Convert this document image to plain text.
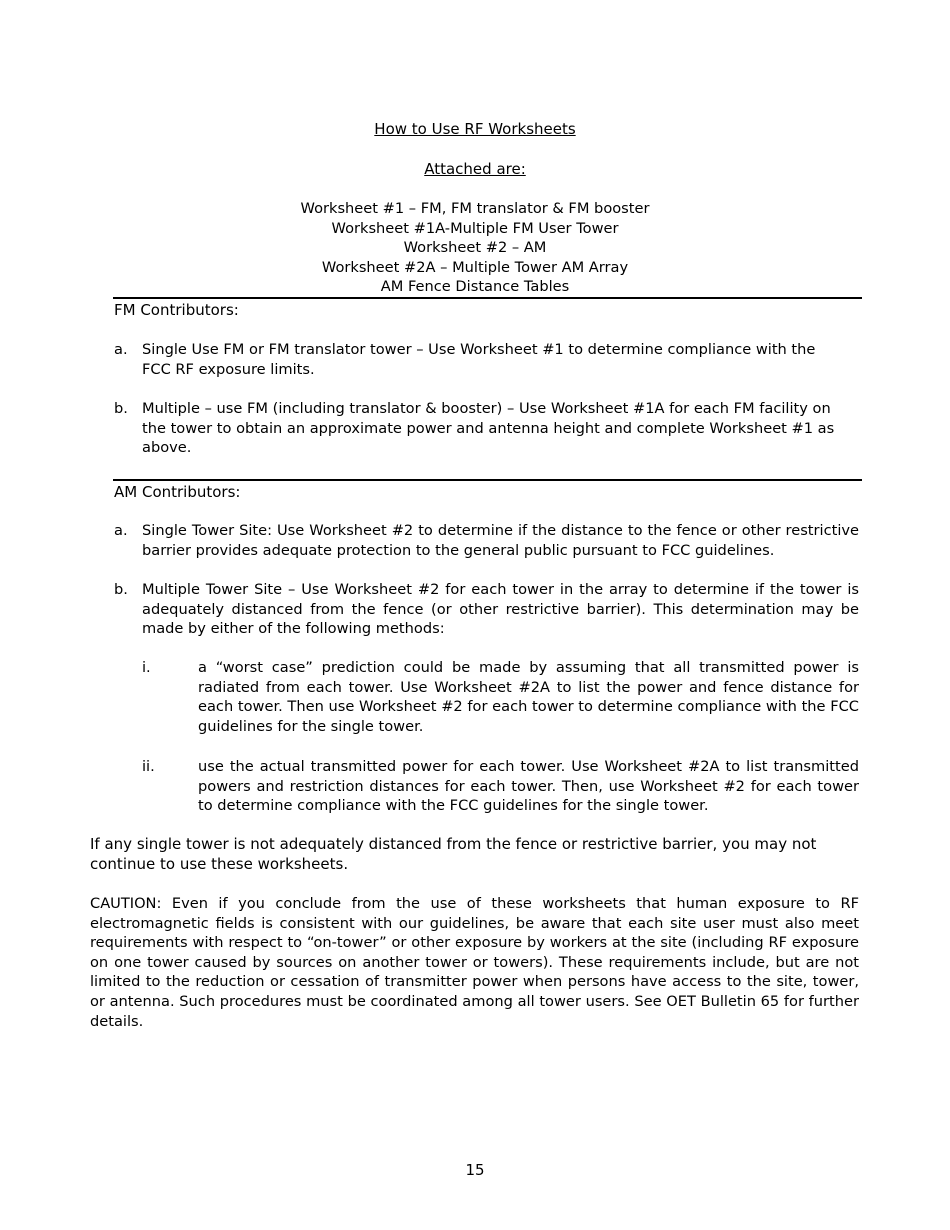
How to Use RF Worksheets
Attached are:
Worksheet #1 – FM, FM translator & FM booster
Worksheet #1A-Multiple FM User Tower
Worksheet #2 – AM
Worksheet #2A – Multiple Tower AM Array
AM Fence Distance Tables
FM Contributors:
a. Single Use FM or FM translator tower – Use Worksheet #1 to determine compliance with the FCC RF exposure limits.
b. Multiple – use FM (including translator & booster) – Use Worksheet #1A for each FM facility on the tower to obtain an approximate power and antenna height and complete Worksheet #1 as above.
AM Contributors:
a. Single Tower Site: Use Worksheet #2 to determine if the distance to the fence or other restrictive barrier provides adequate protection to the general public pursuant to FCC guidelines.
b. Multiple Tower Site – Use Worksheet #2 for each tower in the array to determine if the tower is adequately distanced from the fence (or other restrictive barrier). This determination may be made by either of the following methods:
i.	a “worst case” prediction could be made by assuming that all transmitted power is radiated from each tower. Use Worksheet #2A to list the power and fence distance for each tower. Then use Worksheet #2 for each tower to determine compliance with the FCC guidelines for the single tower.
ii.	use the actual transmitted power for each tower. Use Worksheet #2A to list transmitted powers and restriction distances for each tower. Then, use Worksheet #2 for each tower to determine compliance with the FCC guidelines for the single tower.
If any single tower is not adequately distanced from the fence or restrictive barrier, you may not continue to use these worksheets.
CAUTION: Even if you conclude from the use of these worksheets that human exposure to RF electromagnetic fields is consistent with our guidelines, be aware that each site user must also meet requirements with respect to “on-tower” or other exposure by workers at the site (including RF exposure on one tower caused by sources on another tower or towers). These requirements include, but are not limited to the reduction or cessation of transmitter power when persons have access to the site, tower, or antenna. Such procedures must be coordinated among all tower users. See OET Bulletin 65 for further details.
15
